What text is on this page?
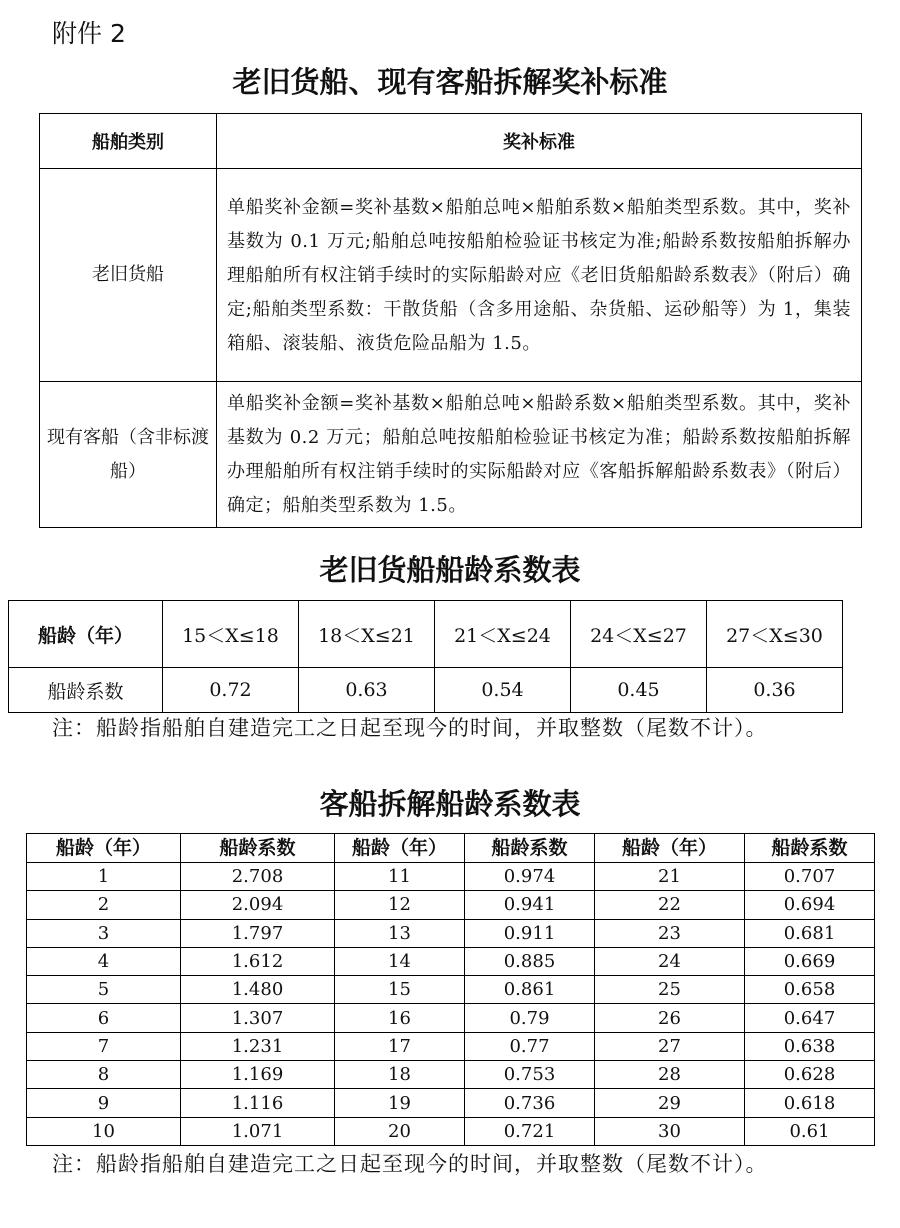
附件 2
老旧货船、现有客船拆解奖补标准
船舶类别	奖补标准
老旧货船	单船奖补金额=奖补基数×船舶总吨×船舶系数×船舶类型系数。其中，奖补基数为 0.1 万元;船舶总吨按船舶检验证书核定为准;船龄系数按船舶拆解办理船舶所有权注销手续时的实际船龄对应《老旧货船船龄系数表》（附后）确定;船舶类型系数：干散货船（含多用途船、杂货船、运砂船等）为 1，集装箱船、滚装船、液货危险品船为 1.5。
现有客船（含非标渡船）	单船奖补金额=奖补基数×船舶总吨×船龄系数×船舶类型系数。其中，奖补基数为 0.2 万元；船舶总吨按船舶检验证书核定为准；船龄系数按船舶拆解办理船舶所有权注销手续时的实际船龄对应《客船拆解船龄系数表》（附后）确定；船舶类型系数为 1.5。
老旧货船船龄系数表
船龄（年）	15＜X≤18	18＜X≤21	21＜X≤24	24＜X≤27	27＜X≤30
船龄系数	0.72	0.63	0.54	0.45	0.36
注：船龄指船舶自建造完工之日起至现今的时间，并取整数（尾数不计）。
客船拆解船龄系数表
船龄（年）	船龄系数	船龄（年）	船龄系数	船龄（年）	船龄系数
1	2.708	11	0.974	21	0.707
2	2.094	12	0.941	22	0.694
3	1.797	13	0.911	23	0.681
4	1.612	14	0.885	24	0.669
5	1.480	15	0.861	25	0.658
6	1.307	16	0.79	26	0.647
7	1.231	17	0.77	27	0.638
8	1.169	18	0.753	28	0.628
9	1.116	19	0.736	29	0.618
10	1.071	20	0.721	30	0.61
注：船龄指船舶自建造完工之日起至现今的时间，并取整数（尾数不计）。
